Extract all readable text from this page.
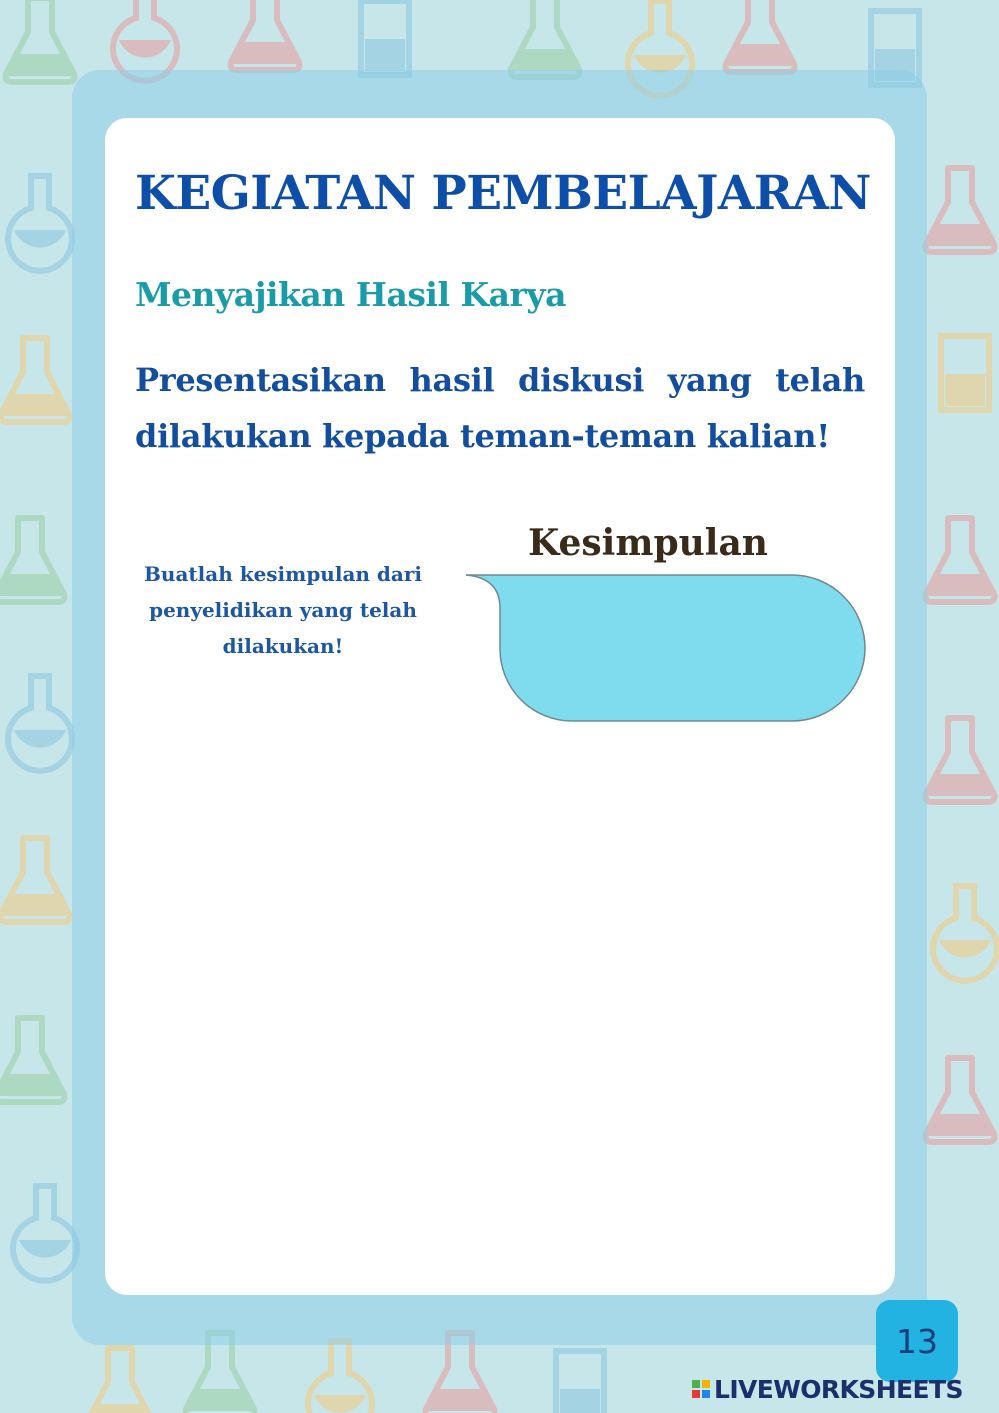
KEGIATAN PEMBELAJARAN
Menyajikan Hasil Karya

Presentasikan hasil diskusi yang telah dilakukan kepada teman-teman kalian!

Kesimpulan

Buatlah kesimpulan dari penyelidikan yang telah dilakukan!

13
LIVEWORKSHEETS
